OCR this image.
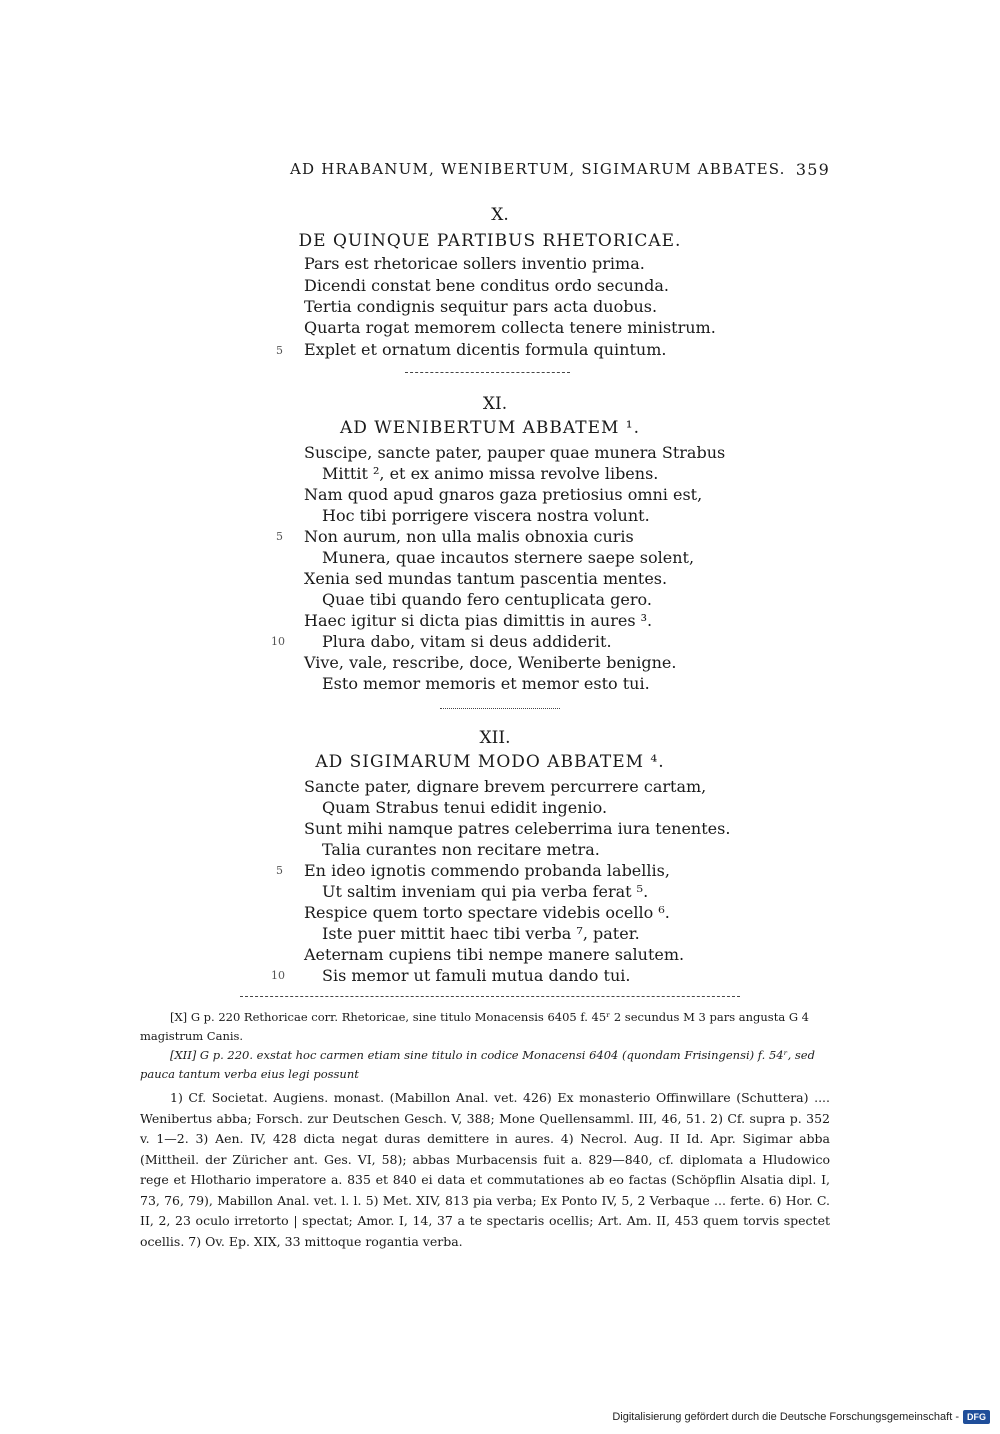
AD HRABANUM, WENIBERTUM, SIGIMARUM ABBATES. 359
X.
DE QUINQUE PARTIBUS RHETORICAE.
Pars est rhetoricae sollers inventio prima.
Dicendi constat bene conditus ordo secunda.
Tertia condignis sequitur pars acta duobus.
Quarta rogat memorem collecta tenere ministrum.
5 Explet et ornatum dicentis formula quintum.
XI.
AD WENIBERTUM ABBATEM ¹.
Suscipe, sancte pater, pauper quae munera Strabus
Mittit ², et ex animo missa revolve libens.
Nam quod apud gnaros gaza pretiosius omni est,
Hoc tibi porrigere viscera nostra volunt.
5 Non aurum, non ulla malis obnoxia curis
Munera, quae incautos sternere saepe solent,
Xenia sed mundas tantum pascentia mentes.
Quae tibi quando fero centuplicata gero.
Haec igitur si dicta pias dimittis in aures ³.
10 Plura dabo, vitam si deus addiderit.
Vive, vale, rescribe, doce, Weniberte benigne.
Esto memor memoris et memor esto tui.
XII.
AD SIGIMARUM MODO ABBATEM ⁴.
Sancte pater, dignare brevem percurrere cartam,
Quam Strabus tenui edidit ingenio.
Sunt mihi namque patres celeberrima iura tenentes.
Talia curantes non recitare metra.
5 En ideo ignotis commendo probanda labellis,
Ut saltim inveniam qui pia verba ferat ⁵.
Respice quem torto spectare videbis ocello ⁶.
Iste puer mittit haec tibi verba ⁷, pater.
Aeternam cupiens tibi nempe manere salutem.
10 Sis memor ut famuli mutua dando tui.

[X] G p. 220 Rethoricae corr. Rhetoricae, sine titulo Monacensis 6405 f. 45ʳ 2 secundus M 3 pars angusta G 4 magistrum Canis.

[XII] G p. 220. exstat hoc carmen etiam sine titulo in codice Monacensi 6404 (quondam Frisingensi) f. 54ʳ, sed pauca tantum verba eius legi possunt

1) Cf. Societat. Augiens. monast. (Mabillon Anal. vet. 426) Ex monasterio Offinwillare (Schuttera) .... Wenibertus abba; Forsch. zur Deutschen Gesch. V, 388; Mone Quellensamml. III, 46, 51. 2) Cf. supra p. 352 v. 1—2. 3) Aen. IV, 428 dicta negat duras demittere in aures. 4) Necrol. Aug. II Id. Apr. Sigimar abba (Mittheil. der Züricher ant. Ges. VI, 58); abbas Murbacensis fuit a. 829—840, cf. diplomata a Hludowico rege et Hlothario imperatore a. 835 et 840 ei data et commutationes ab eo factas (Schöpflin Alsatia dipl. I, 73, 76, 79), Mabillon Anal. vet. l. l. 5) Met. XIV, 813 pia verba; Ex Ponto IV, 5, 2 Verbaque ... ferte. 6) Hor. C. II, 2, 23 oculo irretorto | spectat; Amor. I, 14, 37 a te spectaris ocellis; Art. Am. II, 453 quem torvis spectet ocellis. 7) Ov. Ep. XIX, 33 mittoque rogantia verba.

Digitalisierung gefördert durch die Deutsche Forschungsgemeinschaft - DFG
